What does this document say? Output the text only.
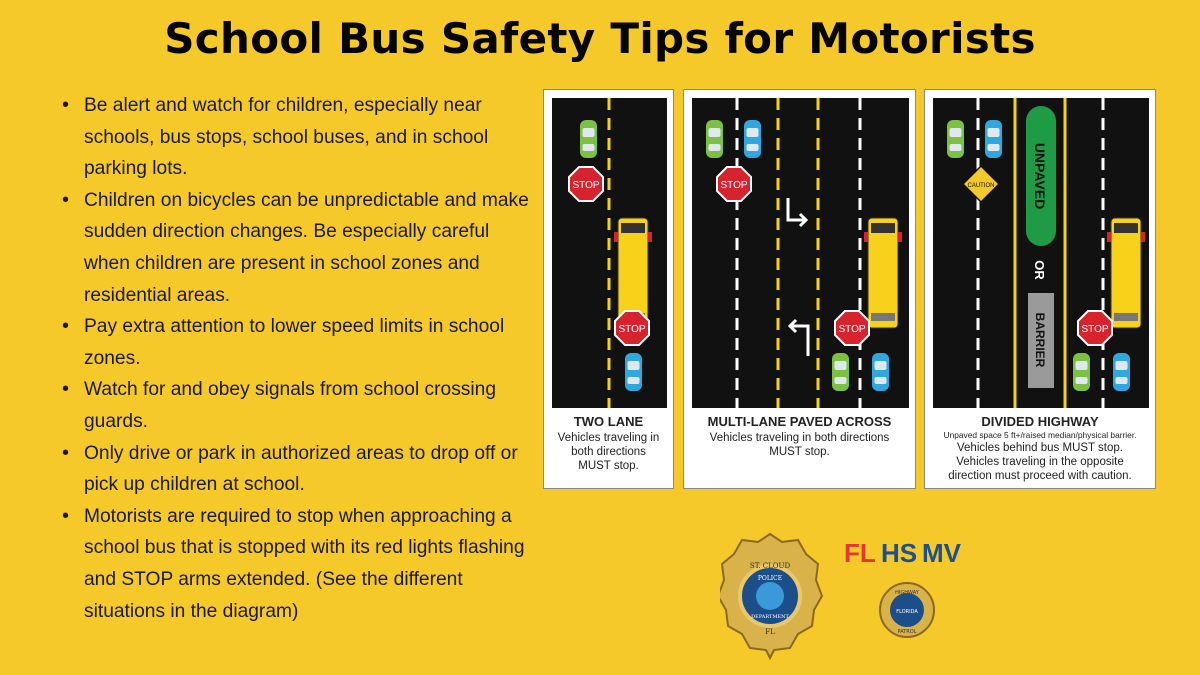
School Bus Safety Tips for Motorists
• Be alert and watch for children, especially near schools, bus stops, school buses, and in school parking lots.
• Children on bicycles can be unpredictable and make sudden direction changes. Be especially careful when children are present in school zones and residential areas.
• Pay extra attention to lower speed limits in school zones.
• Watch for and obey signals from school crossing guards.
• Only drive or park in authorized areas to drop off or pick up children at school.
• Motorists are required to stop when approaching a school bus that is stopped with its red lights flashing and STOP arms extended. (See the different situations in the diagram)
TWO LANE
Vehicles traveling in
both directions
MUST stop.
MULTI-LANE PAVED ACROSS
Vehicles traveling in both directions
MUST stop.
CAUTION	UNPAVED
OR
BARRIER
DIVIDED HIGHWAY
Unpaved space 5 ft+/raised median/physical barrier.
Vehicles behind bus MUST stop.
Vehicles traveling in the opposite
direction must proceed with caution.
ST. CLOUD
POLICE
DEPARTMENT
FL
FL HS MV
HIGHWAY
FLORIDA
PATROL
